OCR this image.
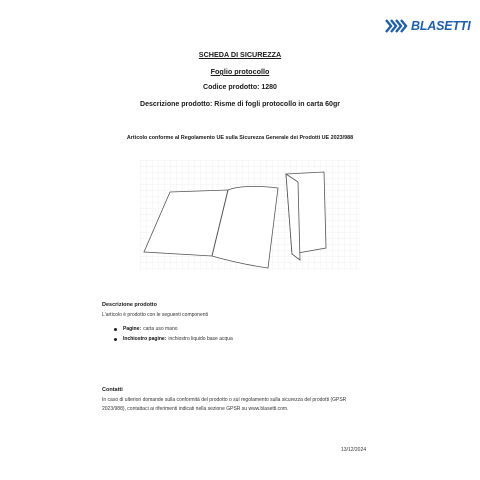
BLASETTI
SCHEDA DI SICUREZZA
Foglio protocollo
Codice prodotto: 1280
Descrizione prodotto: Risme di fogli protocollo in carta 60gr
Articolo conforme al Regolamento UE sulla Sicurezza Generale dei Prodotti UE 2023/988
Descrizione prodotto
L'articolo è prodotto con le seguenti componenti
Pagine: carta uso mano
Inchiostro pagine: inchiostro liquido base acqua
Contatti
In caso di ulteriori domande sulla conformità del prodotto o sul regolamento sulla sicurezza dei prodotti (GPSR
2023/988), contattaci ai riferimenti indicati nella sezione GPSR su www.blasetti.com.
13/12/2024
